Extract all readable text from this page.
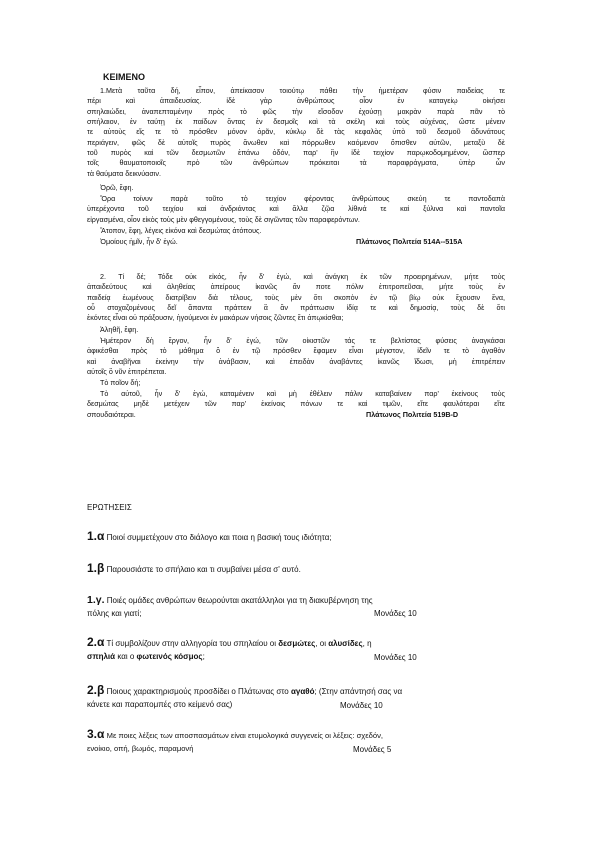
ΚΕΙΜΕΝΟ
1.Μετὰ ταῦτα δή, εἶπον, ἀπείκασον τοιούτῳ πάθει τὴν ἡμετέραν φύσιν παιδείας τε
πέρι καὶ ἀπαιδευσίας. ἰδὲ γὰρ ἀνθρώπους οἷον ἐν καταγείῳ οἰκήσει
σπηλαιώδει, ἀναπεπταμένην πρὸς τὸ φῶς τὴν εἴσοδον ἐχούσῃ μακρὰν παρὰ πᾶν τὸ
σπήλαιον, ἐν ταύτῃ ἐκ παίδων ὄντας ἐν δεσμοῖς καὶ τὰ σκέλη καὶ τοὺς αὐχένας, ὥστε μένειν
τε αὐτοὺς εἴς τε τὸ πρόσθεν μόνον ὁρᾶν, κύκλῳ δὲ τὰς κεφαλὰς ὑπὸ τοῦ δεσμοῦ ἀδυνάτους
περιάγειν, φῶς δὲ αὐτοῖς πυρὸς ἄνωθεν καὶ πόρρωθεν καόμενον ὄπισθεν αὐτῶν, μεταξὺ δὲ
τοῦ πυρὸς καὶ τῶν δεσμωτῶν ἐπάνω ὁδόν, παρ' ἣν ἰδὲ τειχίον παρῳκοδομημένον, ὥσπερ
τοῖς θαυματοποιοῖς πρὸ τῶν ἀνθρώπων πρόκειται τὰ παραφράγματα, ὑπὲρ ὧν
τὰ θαύματα δεικνύασιν.
Ὁρῶ, ἔφη.
Ὅρα τοίνυν παρὰ τοῦτο τὸ τειχίον φέροντας ἀνθρώπους σκεύη τε παντοδαπὰ
ὑπερέχοντα τοῦ τειχίου καὶ ἀνδριάντας καὶ ἄλλα ζῷα λίθινά τε καὶ ξύλινα καὶ παντοῖα
εἰργασμένα, οἷον εἰκὸς τοὺς μὲν φθεγγομένους, τοὺς δὲ σιγῶντας τῶν παραφερόντων.
Ἄτοπον, ἔφη, λέγεις εἰκόνα καὶ δεσμώτας ἀτόπους.
Ὁμοίους ἡμῖν, ἦν δ' ἐγώ.	Πλάτωνος Πολιτεία 514Α--515Α
2. Τί δέ; Τόδε οὐκ εἰκός, ἦν δ' ἐγώ, καὶ ἀνάγκη ἐκ τῶν προειρημένων, μήτε τοὺς
ἀπαιδεύτους καὶ ἀληθείας ἀπείρους ἱκανῶς ἄν ποτε πόλιν ἐπιτροπεῦσαι, μήτε τοὺς ἐν
παιδείᾳ ἐωμένους διατρίβειν διὰ τέλους, τοὺς μὲν ὅτι σκοπὸν ἐν τῷ βίῳ οὐκ ἔχουσιν ἕνα,
οὗ στοχαζομένους δεῖ ἅπαντα πράττειν ἃ ἂν πράττωσιν ἰδίᾳ τε καὶ δημοσίᾳ, τοὺς δὲ ὅτι
ἑκόντες εἶναι οὐ πράξουσιν, ἡγούμενοι ἐν μακάρων νήσοις ζῶντες ἔτι ἀπῳκίσθαι;
Ἀληθῆ, ἔφη.
Ἡμέτερον δὴ ἔργον, ἦν δ' ἐγώ, τῶν οἰκιστῶν τάς τε βελτίστας φύσεις ἀναγκάσαι
ἀφικέσθαι πρὸς τὸ μάθημα ὃ ἐν τῷ πρόσθεν ἔφαμεν εἶναι μέγιστον, ἰδεῖν τε τὸ ἀγαθὸν
καὶ ἀναβῆναι ἐκείνην τὴν ἀνάβασιν, καὶ ἐπειδὰν ἀναβάντες ἱκανῶς ἴδωσι, μὴ ἐπιτρέπειν
αὐτοῖς ὃ νῦν ἐπιτρέπεται.
Τὸ ποῖον δή;
Τὸ αὐτοῦ, ἦν δ' ἐγώ, καταμένειν καὶ μὴ ἐθέλειν πάλιν καταβαίνειν παρ' ἐκείνους τοὺς
δεσμώτας μηδὲ μετέχειν τῶν παρ' ἐκείνοις πόνων τε καὶ τιμῶν, εἴτε φαυλότεραι εἴτε
σπουδαιότεραι.	Πλάτωνος Πολιτεία 519Β-D
ΕΡΩΤΗΣΕΙΣ
1.α Ποιοί συμμετέχουν στο διάλογο και ποια η βασική τους ιδιότητα;
1.β Παρουσιάστε το σπήλαιο και τι συμβαίνει μέσα σ' αυτό.
1.γ. Ποιές ομάδες ανθρώπων θεωρούνται ακατάλληλοι για τη διακυβέρνηση της
πόλης και γιατί;	Μονάδες 10
2.α Τί συμβολίζουν στην αλληγορία του σπηλαίου οι δεσμώτες, οι αλυσίδες, η
σπηλιά και ο φωτεινός κόσμος;	Μονάδες 10
2.β Ποιους χαρακτηρισμούς προσδίδει ο Πλάτωνας στο αγαθό; (Στην απάντησή σας να
κάνετε και παραπομπές στο κείμενό σας)	Μονάδες 10
3.α Με ποιες λέξεις των αποσπασμάτων είναι ετυμολογικά συγγενείς οι λέξεις: σχεδόν,
ενοίκιο, οπή, βωμός, παραμονή	Μονάδες 5
